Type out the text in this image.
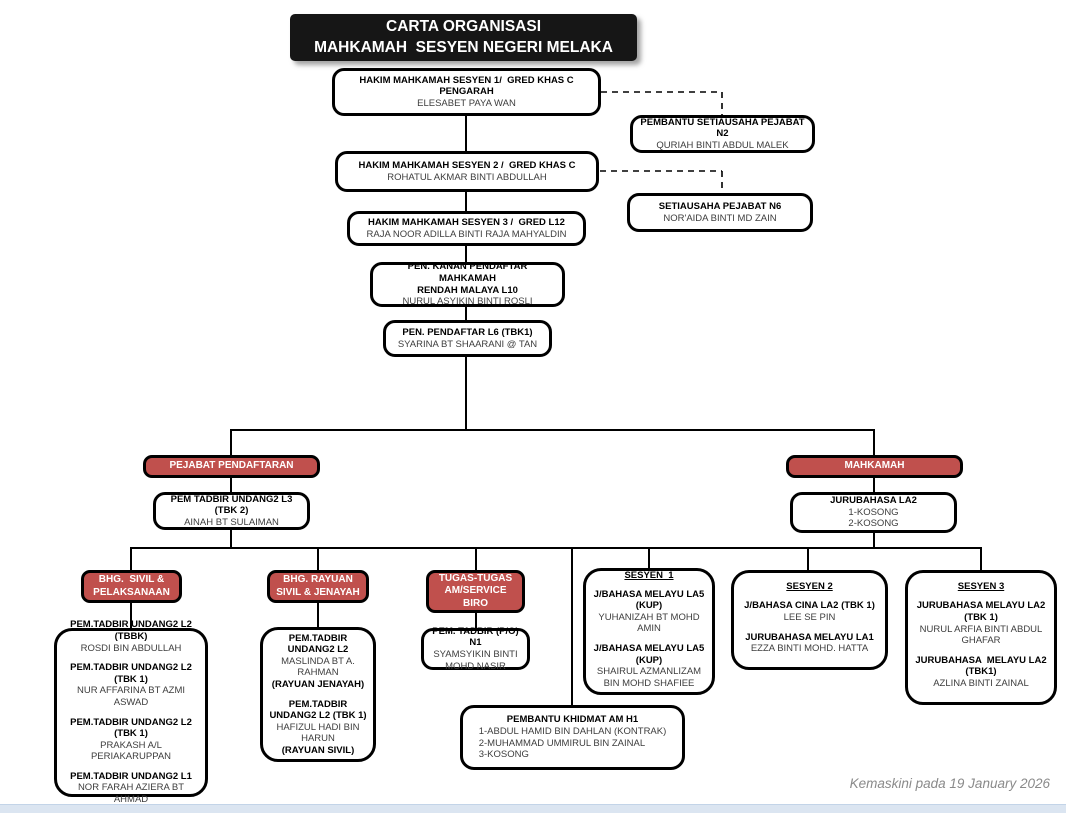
CARTA ORGANISASI
MAHKAMAH  SESYEN NEGERI MELAKA
HAKIM MAHKAMAH SESYEN 1/  GRED KHAS C
PENGARAH
ELESABET PAYA WAN
PEMBANTU SETIAUSAHA PEJABAT N2
QURIAH BINTI ABDUL MALEK
HAKIM MAHKAMAH SESYEN 2 /  GRED KHAS C
ROHATUL AKMAR BINTI ABDULLAH
SETIAUSAHA PEJABAT N6
NOR'AIDA BINTI MD ZAIN
HAKIM MAHKAMAH SESYEN 3 /  GRED L12
RAJA NOOR ADILLA BINTI RAJA MAHYALDIN
PEN. KANAN PENDAFTAR MAHKAMAH
RENDAH MALAYA L10
NURUL ASYIKIN BINTI ROSLI
PEN. PENDAFTAR L6 (TBK1)
SYARINA BT SHAARANI @ TAN
PEJABAT PENDAFTARAN	MAHKAMAH
PEM TADBIR UNDANG2 L3 (TBK 2)
AINAH BT SULAIMAN
JURUBAHASA LA2
1-KOSONG
2-KOSONG
BHG.  SIVIL &
PELAKSANAAN
BHG. RAYUAN
SIVIL & JENAYAH
TUGAS-TUGAS
AM/SERVICE
BIRO
PEM.TADBIR UNDANG2 L2 (TBBK)
ROSDI BIN ABDULLAH
PEM.TADBIR UNDANG2 L2 (TBK 1)
NUR AFFARINA BT AZMI ASWAD
PEM.TADBIR UNDANG2 L2 (TBK 1)
PRAKASH A/L PERIAKARUPPAN
PEM.TADBIR UNDANG2 L1
NOR FARAH AZIERA BT AHMAD
PEM.TADBIR UNDANG2 L2
MASLINDA BT A. RAHMAN
(RAYUAN JENAYAH)
PEM.TADBIR UNDANG2 L2 (TBK 1)
HAFIZUL HADI BIN HARUN
(RAYUAN SIVIL)
PEM. TADBIR (P/O) N1
SYAMSYIKIN BINTI MOHD NASIR
SESYEN  1
J/BAHASA MELAYU LA5 (KUP)
YUHANIZAH BT MOHD AMIN
J/BAHASA MELAYU LA5 (KUP)
SHAIRUL AZMANLIZAM BIN MOHD SHAFIEE
SESYEN 2
J/BAHASA CINA LA2 (TBK 1)
LEE SE PIN
JURUBAHASA MELAYU LA1
EZZA BINTI MOHD. HATTA
SESYEN 3
JURUBAHASA MELAYU LA2 (TBK 1)
NURUL ARFIA BINTI ABDUL GHAFAR
JURUBAHASA  MELAYU LA2 (TBK1)
AZLINA BINTI ZAINAL
PEMBANTU KHIDMAT AM H1
1-ABDUL HAMID BIN DAHLAN (KONTRAK)
2-MUHAMMAD UMMIRUL BIN ZAINAL
3-KOSONG
Kemaskini pada 19 January 2026
